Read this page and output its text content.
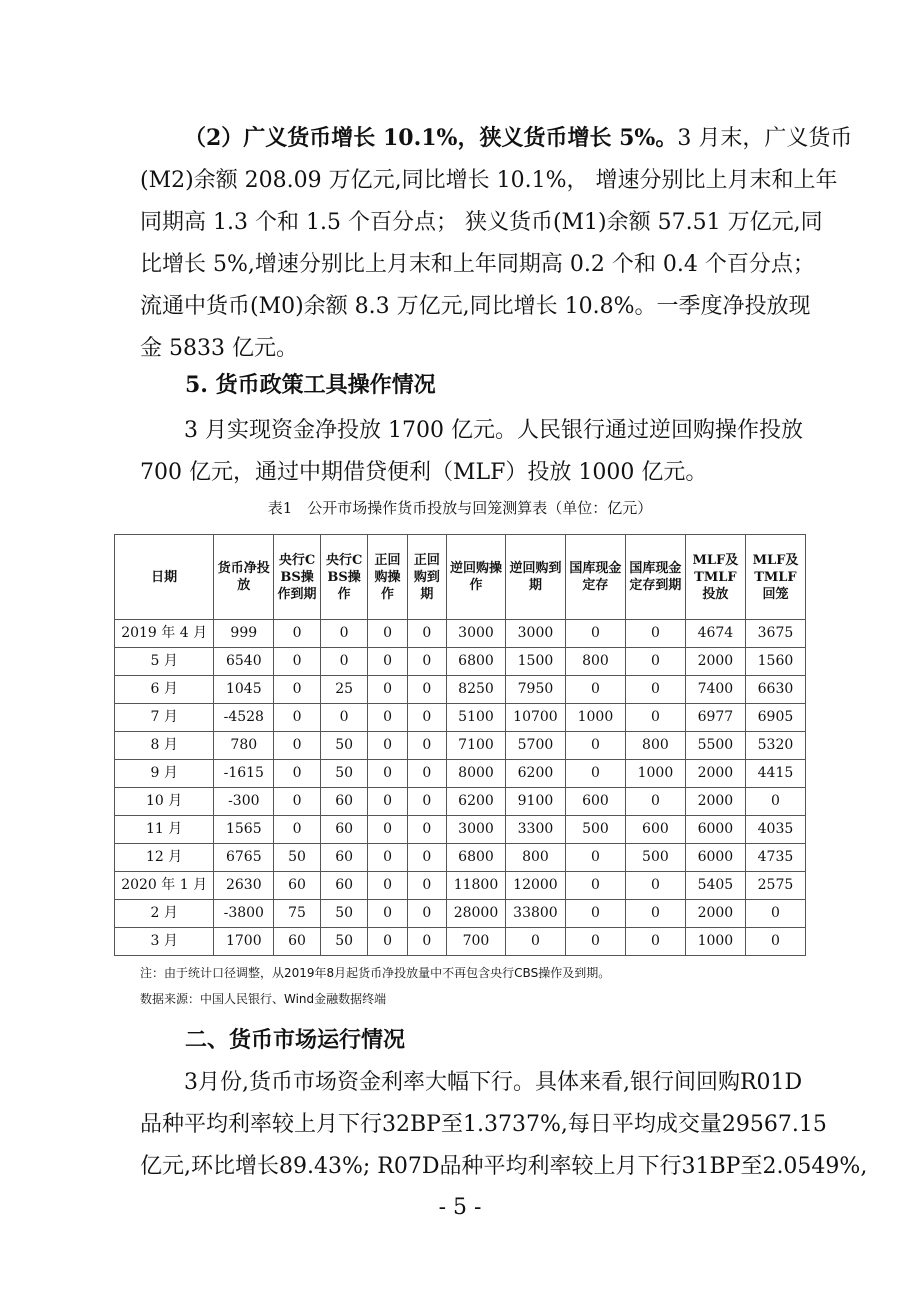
（2）广义货币增长 10.1%，狭义货币增长 5%。3 月末，广义货币
(M2)余额 208.09 万亿元,同比增长 10.1%， 增速分别比上月末和上年
同期高 1.3 个和 1.5 个百分点； 狭义货币(M1)余额 57.51 万亿元,同
比增长 5%,增速分别比上月末和上年同期高 0.2 个和 0.4 个百分点；
流通中货币(M0)余额 8.3 万亿元,同比增长 10.8%。一季度净投放现
金 5833 亿元。

5. 货币政策工具操作情况

3 月实现资金净投放 1700 亿元。人民银行通过逆回购操作投放
700 亿元，通过中期借贷便利（MLF）投放 1000 亿元。

表1　公开市场操作货币投放与回笼测算表（单位：亿元）
日期	货币净投放	央行CBS操作到期	央行CBS操作	正回购操作	正回购到期	逆回购操作	逆回购到期	国库现金定存	国库现金定存到期	MLF及TMLF投放	MLF及TMLF回笼
2019 年 4 月	999	0	0	0	0	3000	3000	0	0	4674	3675
5 月	6540	0	0	0	0	6800	1500	800	0	2000	1560
6 月	1045	0	25	0	0	8250	7950	0	0	7400	6630
7 月	-4528	0	0	0	0	5100	10700	1000	0	6977	6905
8 月	780	0	50	0	0	7100	5700	0	800	5500	5320
9 月	-1615	0	50	0	0	8000	6200	0	1000	2000	4415
10 月	-300	0	60	0	0	6200	9100	600	0	2000	0
11 月	1565	0	60	0	0	3000	3300	500	600	6000	4035
12 月	6765	50	60	0	0	6800	800	0	500	6000	4735
2020 年 1 月	2630	60	60	0	0	11800	12000	0	0	5405	2575
2 月	-3800	75	50	0	0	28000	33800	0	0	2000	0
3 月	1700	60	50	0	0	700	0	0	0	1000	0
注：由于统计口径调整，从2019年8月起货币净投放量中不再包含央行CBS操作及到期。
数据来源：中国人民银行、Wind金融数据终端
二、货币市场运行情况

3月份,货币市场资金利率大幅下行。具体来看,银行间回购R01D
品种平均利率较上月下行32BP至1.3737%,每日平均成交量29567.15
亿元,环比增长89.43%; R07D品种平均利率较上月下行31BP至2.0549%,

- 5 -
